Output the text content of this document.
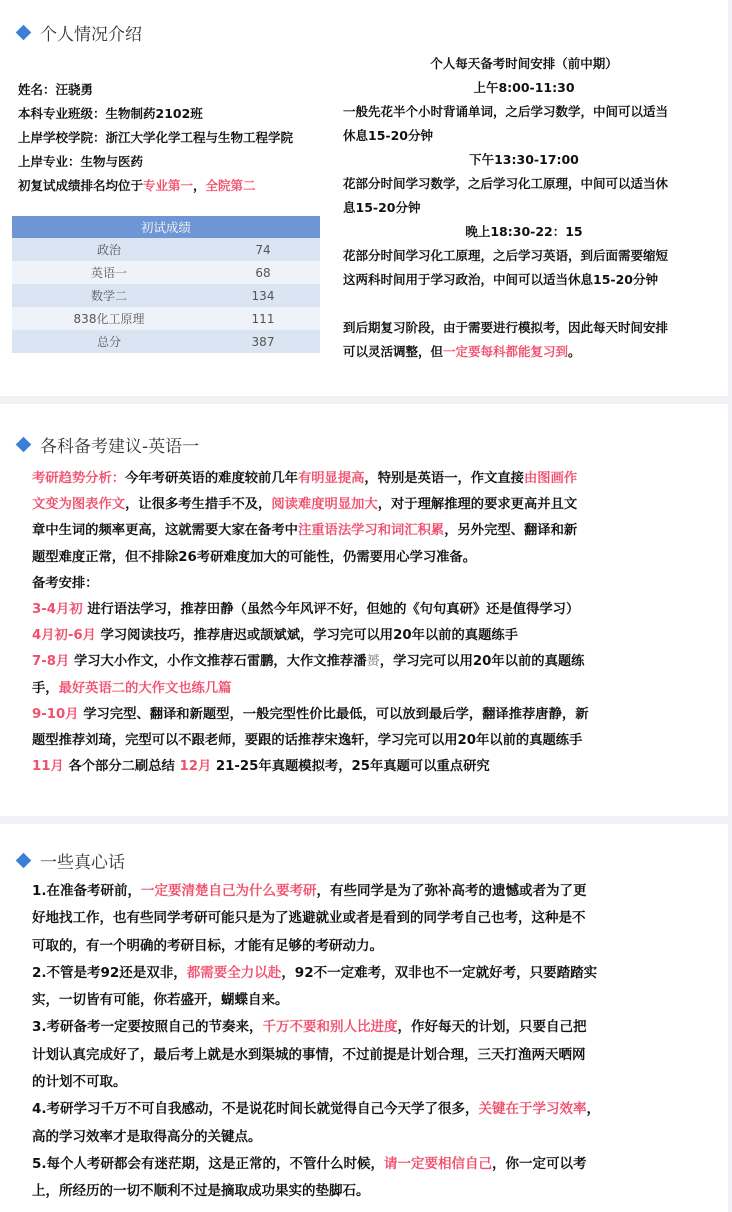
个人情况介绍
姓名：汪骁勇
本科专业班级：生物制药2102班
上岸学校学院：浙江大学化学工程与生物工程学院
上岸专业：生物与医药
初复试成绩排名均位于专业第一，全院第二
初试成绩	
政治	74
英语一	68
数学二	134
838化工原理	111
总分	387
个人每天备考时间安排（前中期）
上午8:00-11:30
一般先花半个小时背诵单词，之后学习数学，中间可以适当
休息15-20分钟
下午13:30-17:00
花部分时间学习数学，之后学习化工原理，中间可以适当休
息15-20分钟
晚上18:30-22：15
花部分时间学习化工原理，之后学习英语，到后面需要缩短
这两科时间用于学习政治，中间可以适当休息15-20分钟
到后期复习阶段，由于需要进行模拟考，因此每天时间安排
可以灵活调整，但一定要每科都能复习到。
各科备考建议-英语一
考研趋势分析：今年考研英语的难度较前几年有明显提高，特别是英语一，作文直接由图画作
文变为图表作文，让很多考生措手不及，阅读难度明显加大，对于理解推理的要求更高并且文
章中生词的频率更高，这就需要大家在备考中注重语法学习和词汇积累，另外完型、翻译和新
题型难度正常，但不排除26考研难度加大的可能性，仍需要用心学习准备。
备考安排：
3-4月初 进行语法学习，推荐田静（虽然今年风评不好，但她的《句句真研》还是值得学习）
4月初-6月 学习阅读技巧，推荐唐迟或颉斌斌，学习完可以用20年以前的真题练手
7-8月 学习大小作文，小作文推荐石雷鹏，大作文推荐潘赟，学习完可以用20年以前的真题练
手，最好英语二的大作文也练几篇
9-10月 学习完型、翻译和新题型，一般完型性价比最低，可以放到最后学，翻译推荐唐静，新
题型推荐刘琦，完型可以不跟老师，要跟的话推荐宋逸轩，学习完可以用20年以前的真题练手
11月 各个部分二刷总结 12月 21-25年真题模拟考，25年真题可以重点研究
一些真心话
1.在准备考研前，一定要清楚自己为什么要考研，有些同学是为了弥补高考的遗憾或者为了更
好地找工作，也有些同学考研可能只是为了逃避就业或者是看到的同学考自己也考，这种是不
可取的，有一个明确的考研目标，才能有足够的考研动力。
2.不管是考92还是双非，都需要全力以赴，92不一定难考，双非也不一定就好考，只要踏踏实
实，一切皆有可能，你若盛开，蝴蝶自来。
3.考研备考一定要按照自己的节奏来，千万不要和别人比进度，作好每天的计划，只要自己把
计划认真完成好了，最后考上就是水到渠城的事情，不过前提是计划合理，三天打渔两天晒网
的计划不可取。
4.考研学习千万不可自我感动，不是说花时间长就觉得自己今天学了很多，关键在于学习效率，
高的学习效率才是取得高分的关键点。
5.每个人考研都会有迷茫期，这是正常的，不管什么时候，请一定要相信自己，你一定可以考
上，所经历的一切不顺利不过是摘取成功果实的垫脚石。
